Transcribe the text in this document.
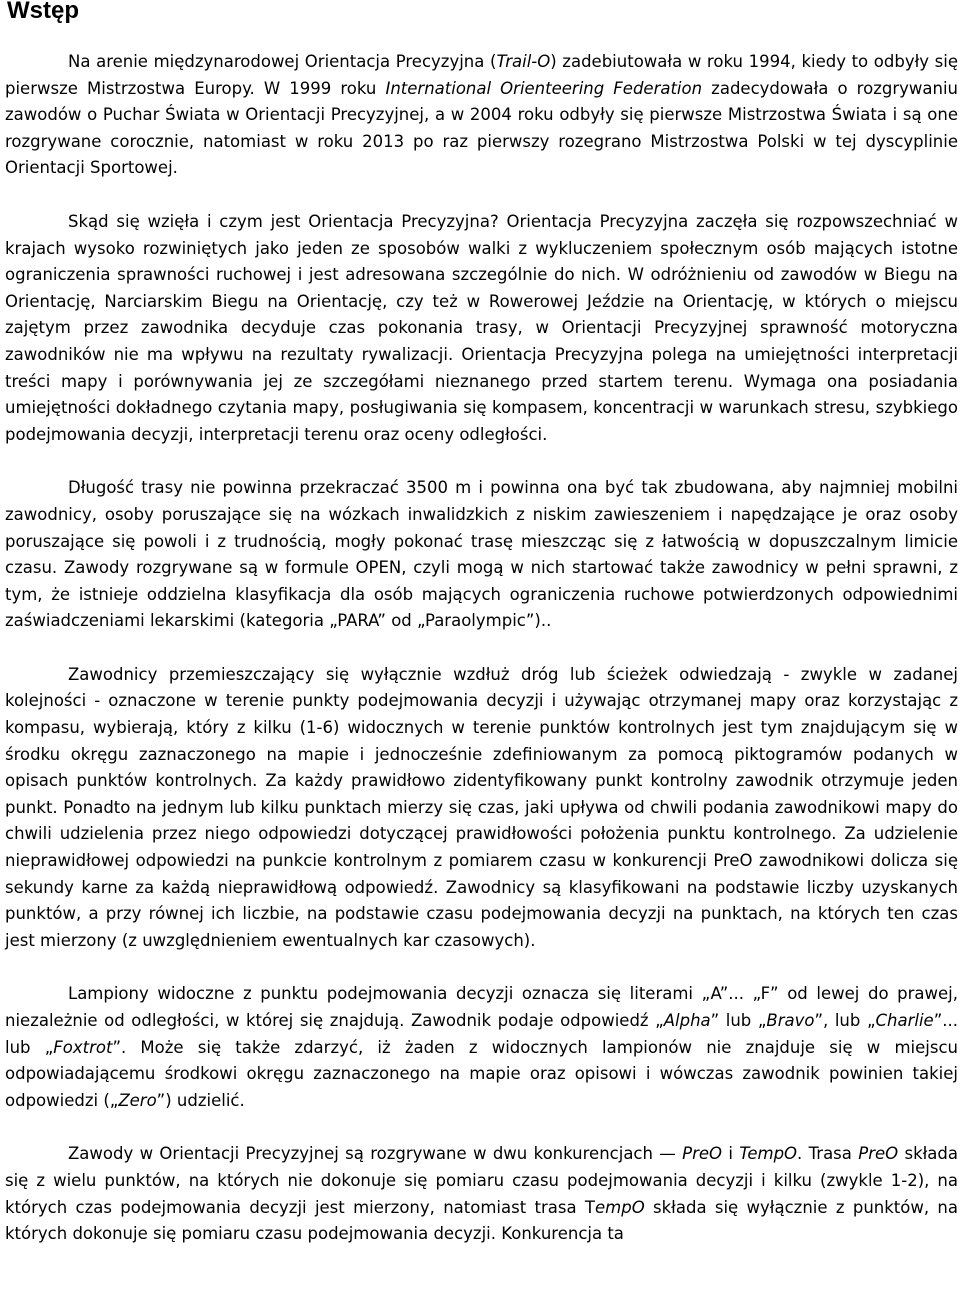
Wstęp

Na arenie międzynarodowej Orientacja Precyzyjna (Trail-O) zadebiutowała w roku 1994, kiedy to odbyły się pierwsze Mistrzostwa Europy. W 1999 roku International Orienteering Federation zadecydowała o rozgrywaniu zawodów o Puchar Świata w Orientacji Precyzyjnej, a w 2004 roku odbyły się pierwsze Mistrzostwa Świata i są one rozgrywane corocznie, natomiast w roku 2013 po raz pierwszy rozegrano Mistrzostwa Polski w tej dyscyplinie Orientacji Sportowej.

Skąd się wzięła i czym jest Orientacja Precyzyjna? Orientacja Precyzyjna zaczęła się rozpowszechniać w krajach wysoko rozwiniętych jako jeden ze sposobów walki z wykluczeniem społecznym osób mających istotne ograniczenia sprawności ruchowej i jest adresowana szczególnie do nich. W odróżnieniu od zawodów w Biegu na Orientację, Narciarskim Biegu na Orientację, czy też w Rowerowej Jeździe na Orientację, w których o miejscu zajętym przez zawodnika decyduje czas pokonania trasy, w Orientacji Precyzyjnej sprawność motoryczna zawodników nie ma wpływu na rezultaty rywalizacji. Orientacja Precyzyjna polega na umiejętności interpretacji treści mapy i porównywania jej ze szczegółami nieznanego przed startem terenu. Wymaga ona posiadania umiejętności dokładnego czytania mapy, posługiwania się kompasem, koncentracji w warunkach stresu, szybkiego podejmowania decyzji, interpretacji terenu oraz oceny odległości.

Długość trasy nie powinna przekraczać 3500 m i powinna ona być tak zbudowana, aby najmniej mobilni zawodnicy, osoby poruszające się na wózkach inwalidzkich z niskim zawieszeniem i napędzające je oraz osoby poruszające się powoli i z trudnością, mogły pokonać trasę mieszcząc się z łatwością w dopuszczalnym limicie czasu. Zawody rozgrywane są w formule OPEN, czyli mogą w nich startować także zawodnicy w pełni sprawni, z tym, że istnieje oddzielna klasyfikacja dla osób mających ograniczenia ruchowe potwierdzonych odpowiednimi zaświadczeniami lekarskimi (kategoria „PARA” od „Paraolympic”)..

Zawodnicy przemieszczający się wyłącznie wzdłuż dróg lub ścieżek odwiedzają - zwykle w zadanej kolejności - oznaczone w terenie punkty podejmowania decyzji i używając otrzymanej mapy oraz korzystając z kompasu, wybierają, który z kilku (1-6) widocznych w terenie punktów kontrolnych jest tym znajdującym się w środku okręgu zaznaczonego na mapie i jednocześnie zdefiniowanym za pomocą piktogramów podanych w opisach punktów kontrolnych. Za każdy prawidłowo zidentyfikowany punkt kontrolny zawodnik otrzymuje jeden punkt. Ponadto na jednym lub kilku punktach mierzy się czas, jaki upływa od chwili podania zawodnikowi mapy do chwili udzielenia przez niego odpowiedzi dotyczącej prawidłowości położenia punktu kontrolnego. Za udzielenie nieprawidłowej odpowiedzi na punkcie kontrolnym z pomiarem czasu w konkurencji PreO zawodnikowi dolicza się sekundy karne za każdą nieprawidłową odpowiedź. Zawodnicy są klasyfikowani na podstawie liczby uzyskanych punktów, a przy równej ich liczbie, na podstawie czasu podejmowania decyzji na punktach, na których ten czas jest mierzony (z uwzględnieniem ewentualnych kar czasowych).

Lampiony widoczne z punktu podejmowania decyzji oznacza się literami „A”... „F” od lewej do prawej, niezależnie od odległości, w której się znajdują. Zawodnik podaje odpowiedź „Alpha” lub „Bravo”, lub „Charlie”... lub „Foxtrot”. Może się także zdarzyć, iż żaden z widocznych lampionów nie znajduje się w miejscu odpowiadającemu środkowi okręgu zaznaczonego na mapie oraz opisowi i wówczas zawodnik powinien takiej odpowiedzi („Zero”) udzielić.

Zawody w Orientacji Precyzyjnej są rozgrywane w dwu konkurencjach — PreO i TempO. Trasa PreO składa się z wielu punktów, na których nie dokonuje się pomiaru czasu podejmowania decyzji i kilku (zwykle 1-2), na których czas podejmowania decyzji jest mierzony, natomiast trasa TempO składa się wyłącznie z punktów, na których dokonuje się pomiaru czasu podejmowania decyzji. Konkurencja ta
